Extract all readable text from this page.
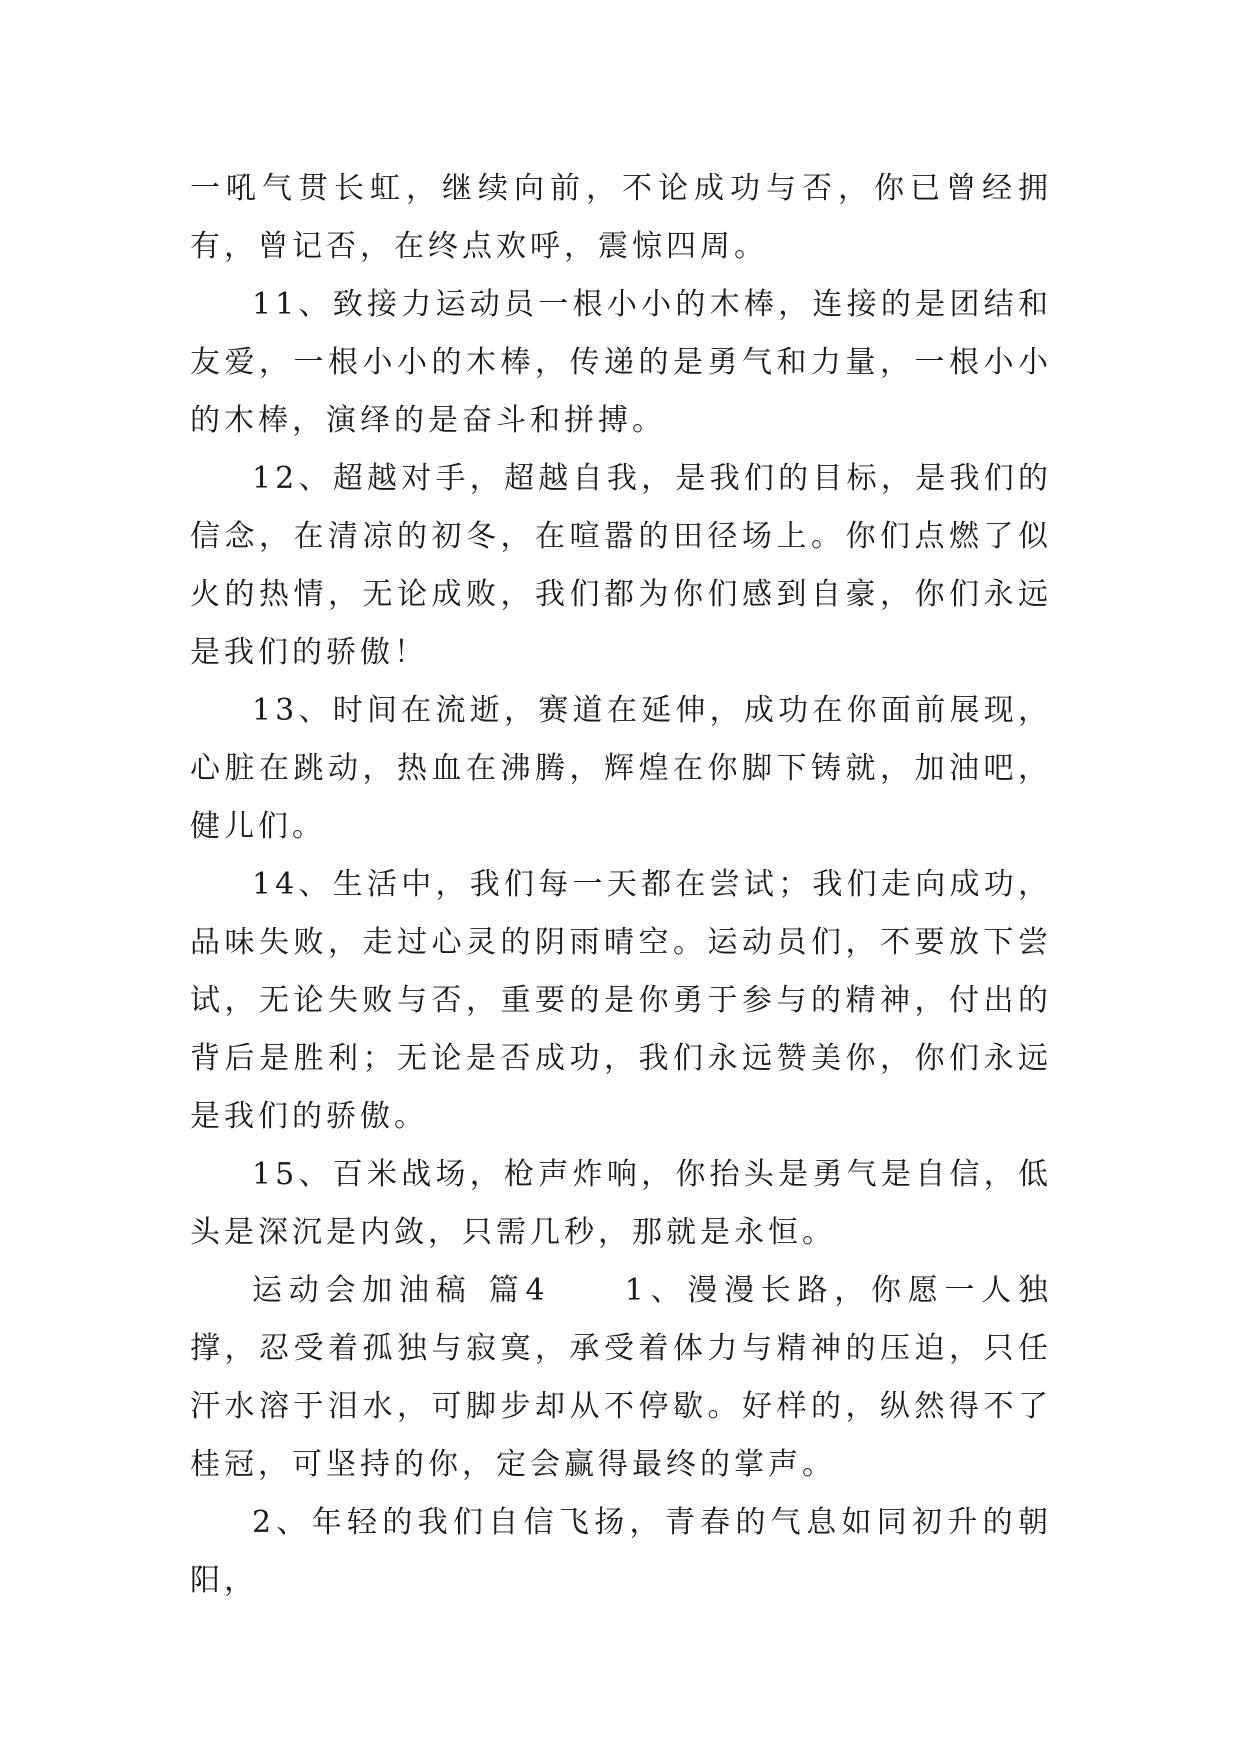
一吼气贯长虹，继续向前，不论成功与否，你已曾经拥有，曾记否，在终点欢呼，震惊四周。

11、致接力运动员一根小小的木棒，连接的是团结和友爱，一根小小的木棒，传递的是勇气和力量，一根小小的木棒，演绎的是奋斗和拼搏。

12、超越对手，超越自我，是我们的目标，是我们的信念，在清凉的初冬，在喧嚣的田径场上。你们点燃了似火的热情，无论成败，我们都为你们感到自豪，你们永远是我们的骄傲！

13、时间在流逝，赛道在延伸，成功在你面前展现，心脏在跳动，热血在沸腾，辉煌在你脚下铸就，加油吧，健儿们。

14、生活中，我们每一天都在尝试；我们走向成功，品味失败，走过心灵的阴雨晴空。运动员们，不要放下尝试，无论失败与否，重要的是你勇于参与的精神，付出的背后是胜利；无论是否成功，我们永远赞美你，你们永远是我们的骄傲。

15、百米战场，枪声炸响，你抬头是勇气是自信，低头是深沉是内敛，只需几秒，那就是永恒。

运动会加油稿 篇4　　1、漫漫长路，你愿一人独撑，忍受着孤独与寂寞，承受着体力与精神的压迫，只任汗水溶于泪水，可脚步却从不停歇。好样的，纵然得不了桂冠，可坚持的你，定会赢得最终的掌声。

2、年轻的我们自信飞扬，青春的气息如同初升的朝阳，
